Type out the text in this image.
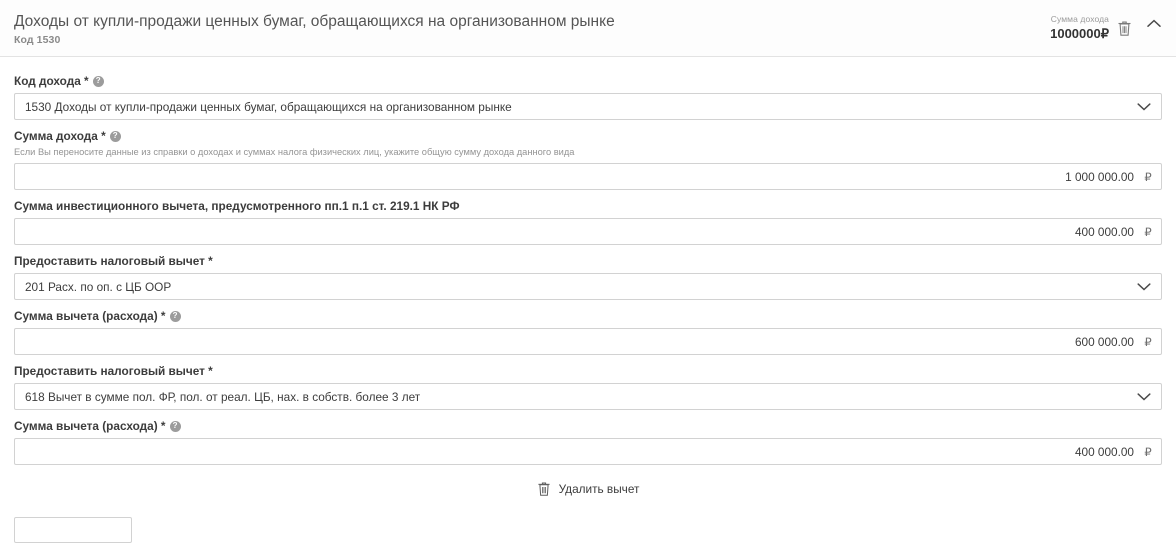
Доходы от купли-продажи ценных бумаг, обращающихся на организованном рынке
Код 1530
Сумма дохода
1000000₽
Код дохода * ?
1530 Доходы от купли-продажи ценных бумаг, обращающихся на организованном рынке
Сумма дохода * ?
Если Вы переносите данные из справки о доходах и суммах налога физических лиц, укажите общую сумму дохода данного вида
1 000 000.00 ₽
Сумма инвестиционного вычета, предусмотренного пп.1 п.1 ст. 219.1 НК РФ
400 000.00 ₽
Предоставить налоговый вычет *
201 Расх. по оп. с ЦБ ООР
Сумма вычета (расхода) * ?
600 000.00 ₽
Предоставить налоговый вычет *
618 Вычет в сумме пол. ФР, пол. от реал. ЦБ, нах. в собств. более 3 лет
Сумма вычета (расхода) * ?
400 000.00 ₽
Удалить вычет
